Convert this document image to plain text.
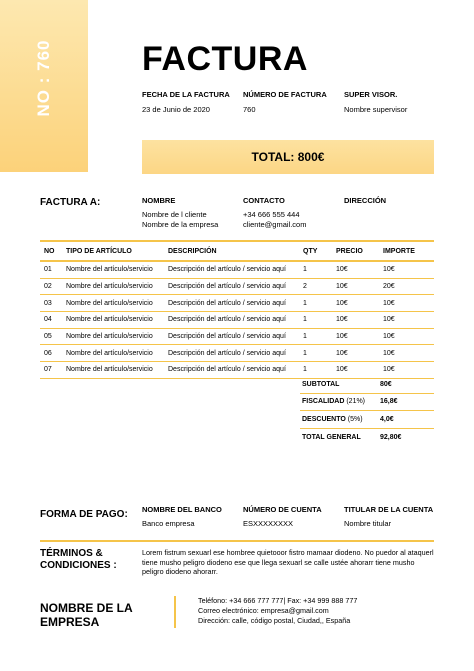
NO : 760	FACTURA
FECHA DE LA FACTURA
23 de Junio de 2020
NÚMERO DE FACTURA
760
SUPER VISOR.
Nombre supervisor
TOTAL: 800€
FACTURA A:	NOMBRE
Nombre de l cliente
Nombre de la empresa
CONTACTO
+34 666 555 444
cliente@gmail.com
DIRECCIÓN
NO	TIPO DE ARTÍCULO	DESCRIPCIÓN	QTY	PRECIO	IMPORTE
01	Nombre del artículo/servicio	Descripción del artículo / servicio aquí	1	10€	10€
02	Nombre del artículo/servicio	Descripción del artículo / servicio aquí	2	10€	20€
03	Nombre del artículo/servicio	Descripción del artículo / servicio aquí	1	10€	10€
04	Nombre del artículo/servicio	Descripción del artículo / servicio aquí	1	10€	10€
05	Nombre del artículo/servicio	Descripción del artículo / servicio aquí	1	10€	10€
06	Nombre del artículo/servicio	Descripción del artículo / servicio aquí	1	10€	10€
07	Nombre del artículo/servicio	Descripción del artículo / servicio aquí	1	10€	10€
SUBTOTAL	80€
FISCALIDAD (21%)	16,8€
DESCUENTO (5%)	4,0€
TOTAL GENERAL	92,80€
FORMA DE PAGO: NOMBRE DEL BANCO
Banco empresa
NÚMERO DE CUENTA
ESXXXXXXXX
TITULAR DE LA CUENTA
Nombre titular
TÉRMINOS &
CONDICIONES :
Lorem fistrum sexuarl ese hombree quietooor fistro mamaar diodeno. No puedor al ataquerl tiene musho peligro diodeno ese que llega sexuarl se calle ustée ahorarr tiene musho peligro diodeno ahorarr.
NOMBRE DE LA
EMPRESA
Teléfono: +34 666 777 777| Fax: +34 999 888 777
Correo electrónico: empresa@gmail.com
Dirección: calle, código postal, Ciudad,, España
